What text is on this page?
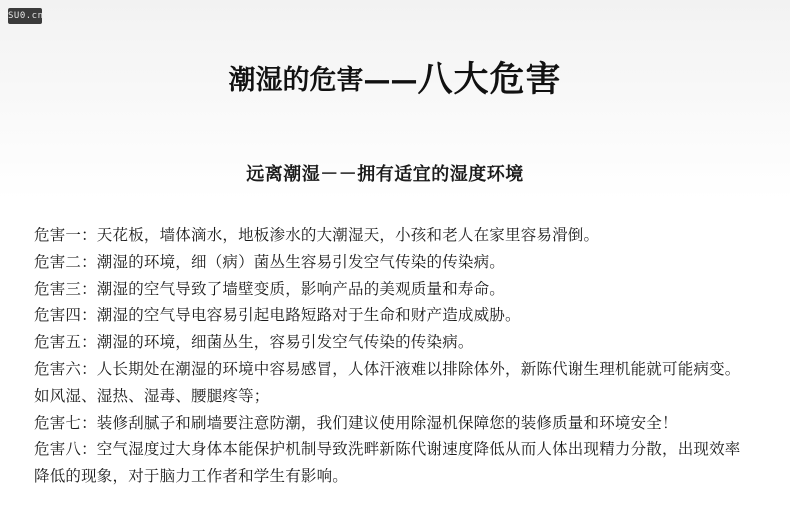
SU0.cn
潮湿的危害——八大危害
远离潮湿－－拥有适宜的湿度环境
危害一：天花板，墙体滴水，地板渗水的大潮湿天，小孩和老人在家里容易滑倒。
危害二：潮湿的环境，细（病）菌丛生容易引发空气传染的传染病。
危害三：潮湿的空气导致了墙壁变质，影响产品的美观质量和寿命。
危害四：潮湿的空气导电容易引起电路短路对于生命和财产造成威胁。
危害五：潮湿的环境，细菌丛生，容易引发空气传染的传染病。
危害六：人长期处在潮湿的环境中容易感冒，人体汗液难以排除体外，新陈代谢生理机能就可能病变。
如风湿、湿热、湿毒、腰腿疼等；
危害七：装修刮腻子和刷墙要注意防潮，我们建议使用除湿机保障您的装修质量和环境安全！
危害八：空气湿度过大身体本能保护机制导致洗畔新陈代谢速度降低从而人体出现精力分散，出现效率
降低的现象，对于脑力工作者和学生有影响。
